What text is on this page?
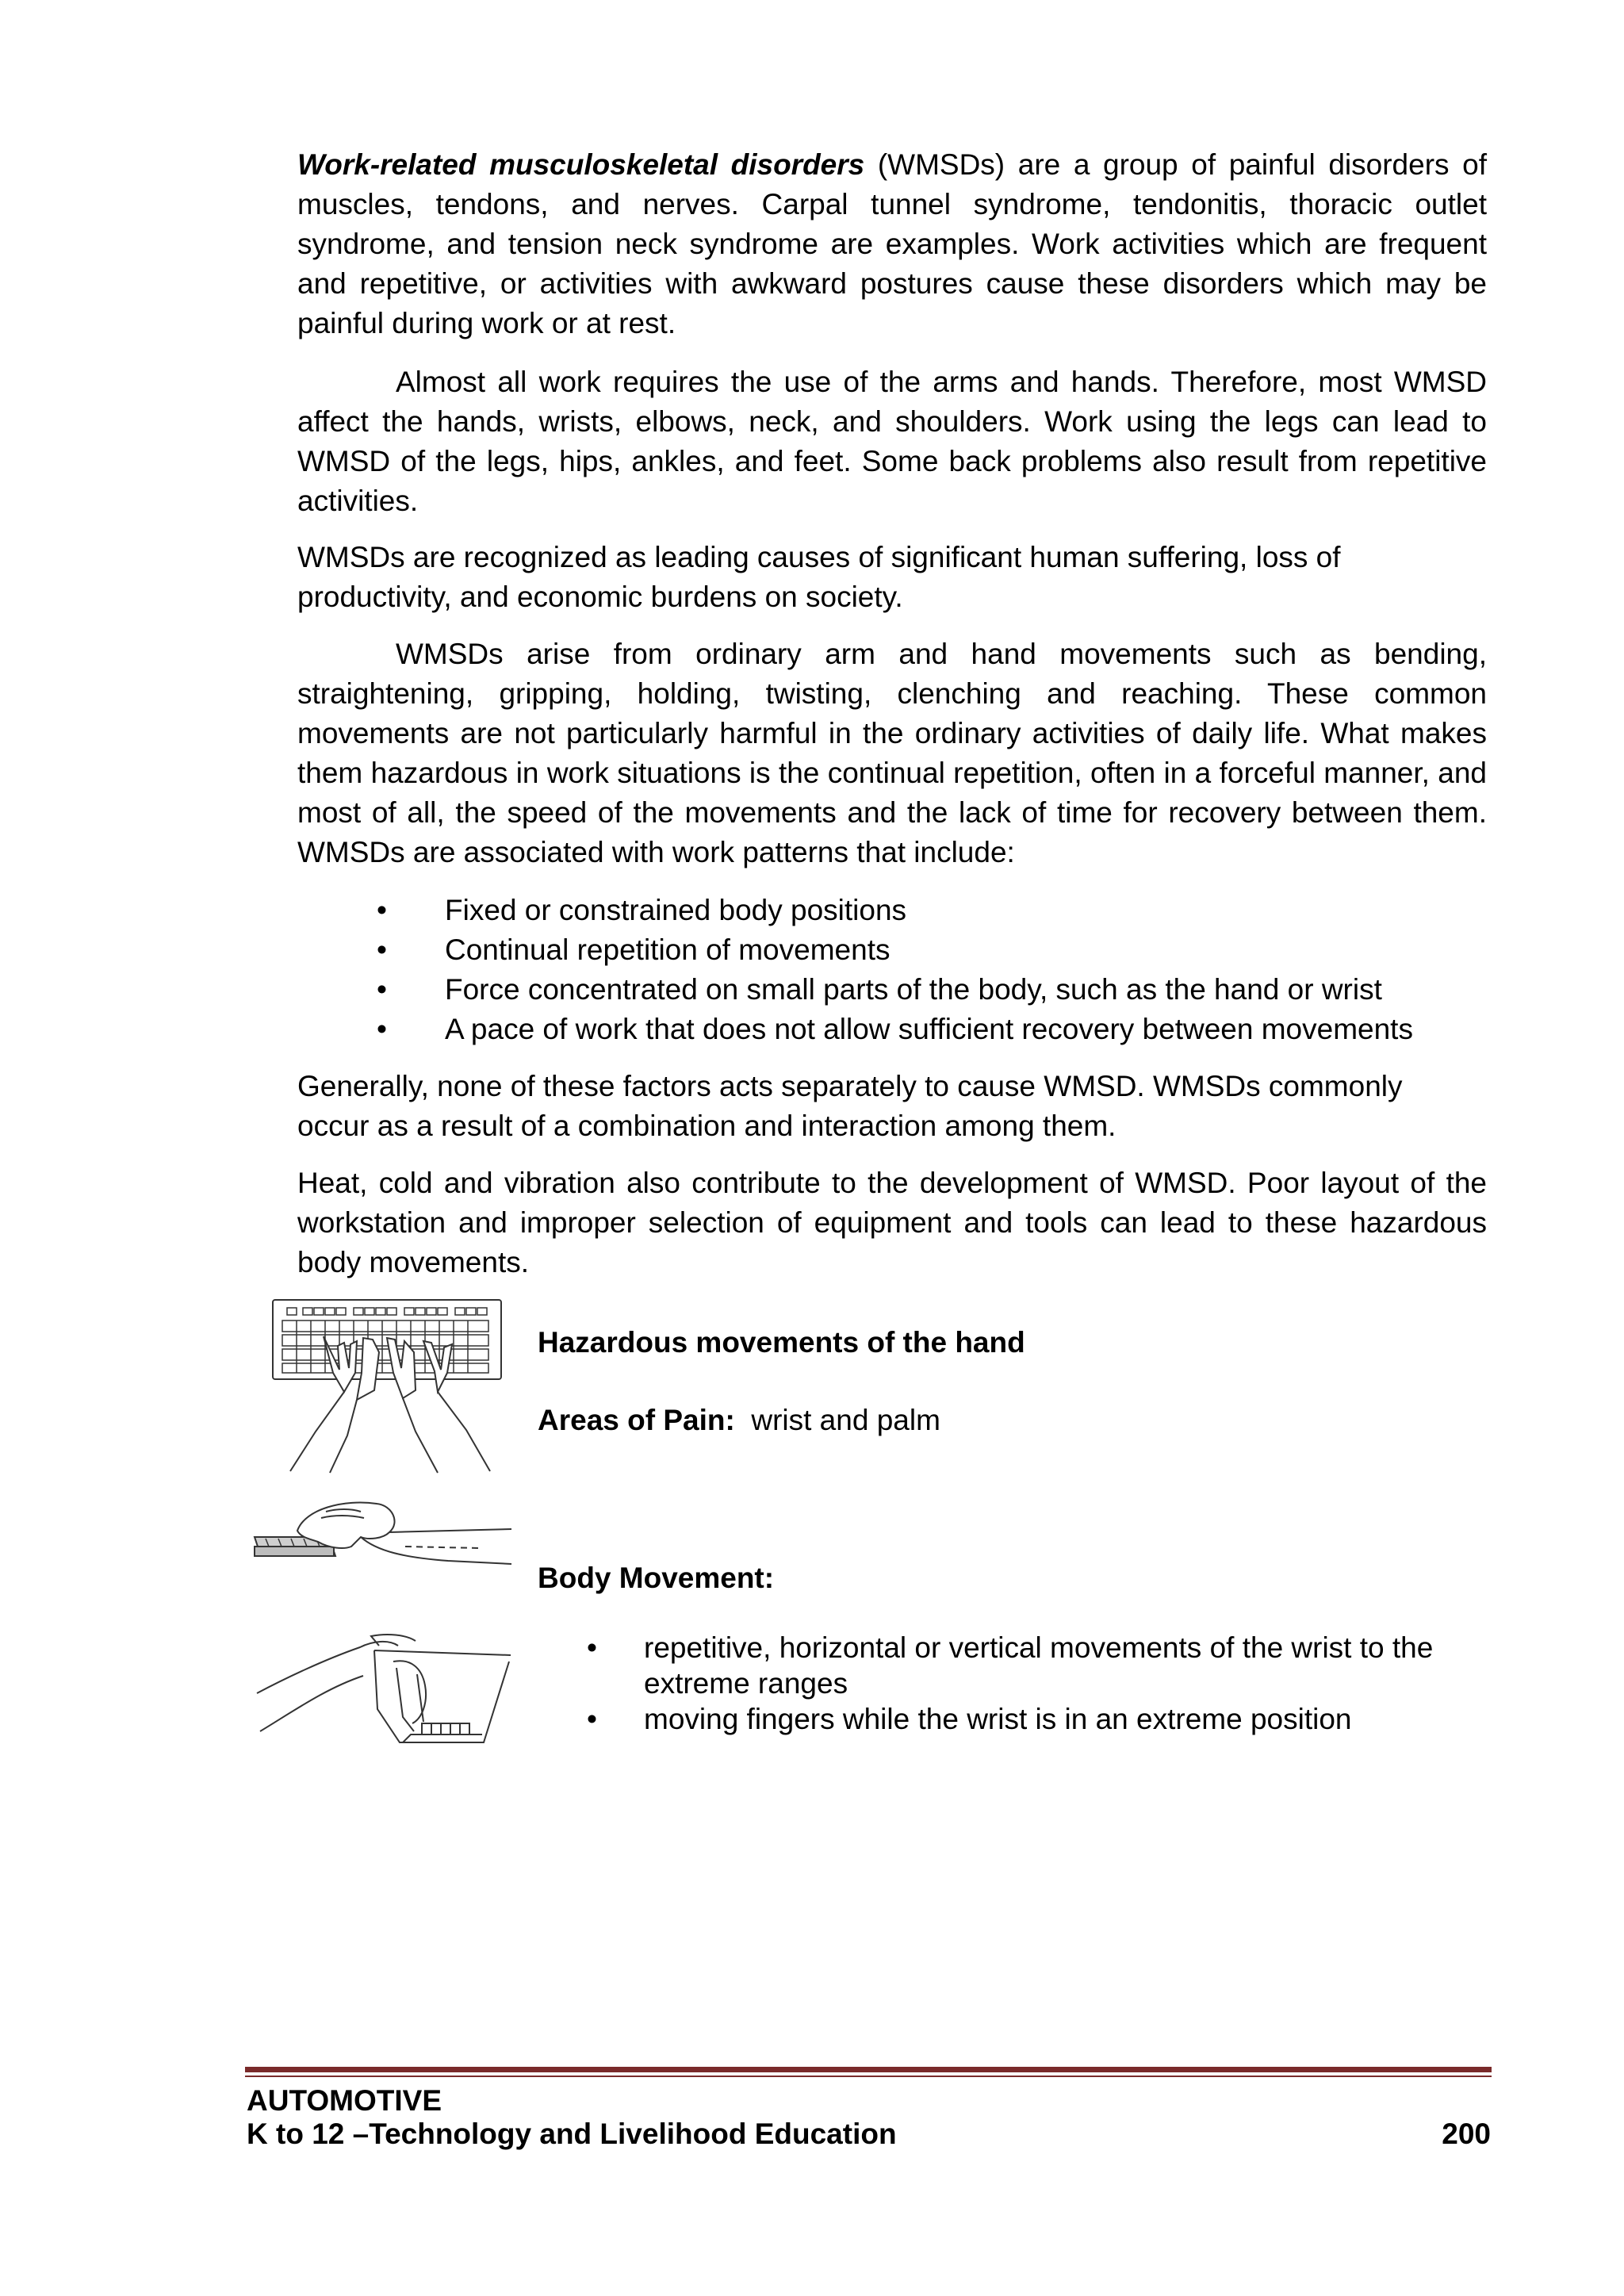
Work-related musculoskeletal disorders (WMSDs) are a group of painful disorders of muscles, tendons, and nerves. Carpal tunnel syndrome, tendonitis, thoracic outlet syndrome, and tension neck syndrome are examples. Work activities which are frequent and repetitive, or activities with awkward postures cause these disorders which may be painful during work or at rest.

Almost all work requires the use of the arms and hands. Therefore, most WMSD affect the hands, wrists, elbows, neck, and shoulders. Work using the legs can lead to WMSD of the legs, hips, ankles, and feet. Some back problems also result from repetitive activities.

WMSDs are recognized as leading causes of significant human suffering, loss of productivity, and economic burdens on society.

WMSDs arise from ordinary arm and hand movements such as bending, straightening, gripping, holding, twisting, clenching and reaching. These common movements are not particularly harmful in the ordinary activities of daily life. What makes them hazardous in work situations is the continual repetition, often in a forceful manner, and most of all, the speed of the movements and the lack of time for recovery between them. WMSDs are associated with work patterns that include:

• Fixed or constrained body positions
• Continual repetition of movements
• Force concentrated on small parts of the body, such as the hand or wrist
• A pace of work that does not allow sufficient recovery between movements

Generally, none of these factors acts separately to cause WMSD. WMSDs commonly occur as a result of a combination and interaction among them.

Heat, cold and vibration also contribute to the development of WMSD. Poor layout of the workstation and improper selection of equipment and tools can lead to these hazardous body movements.

Hazardous movements of the hand
Areas of Pain: wrist and palm
Body Movement:
• repetitive, horizontal or vertical movements of the wrist to the extreme ranges
• moving fingers while the wrist is in an extreme position
AUTOMOTIVE
K to 12 –Technology and Livelihood Education	200
